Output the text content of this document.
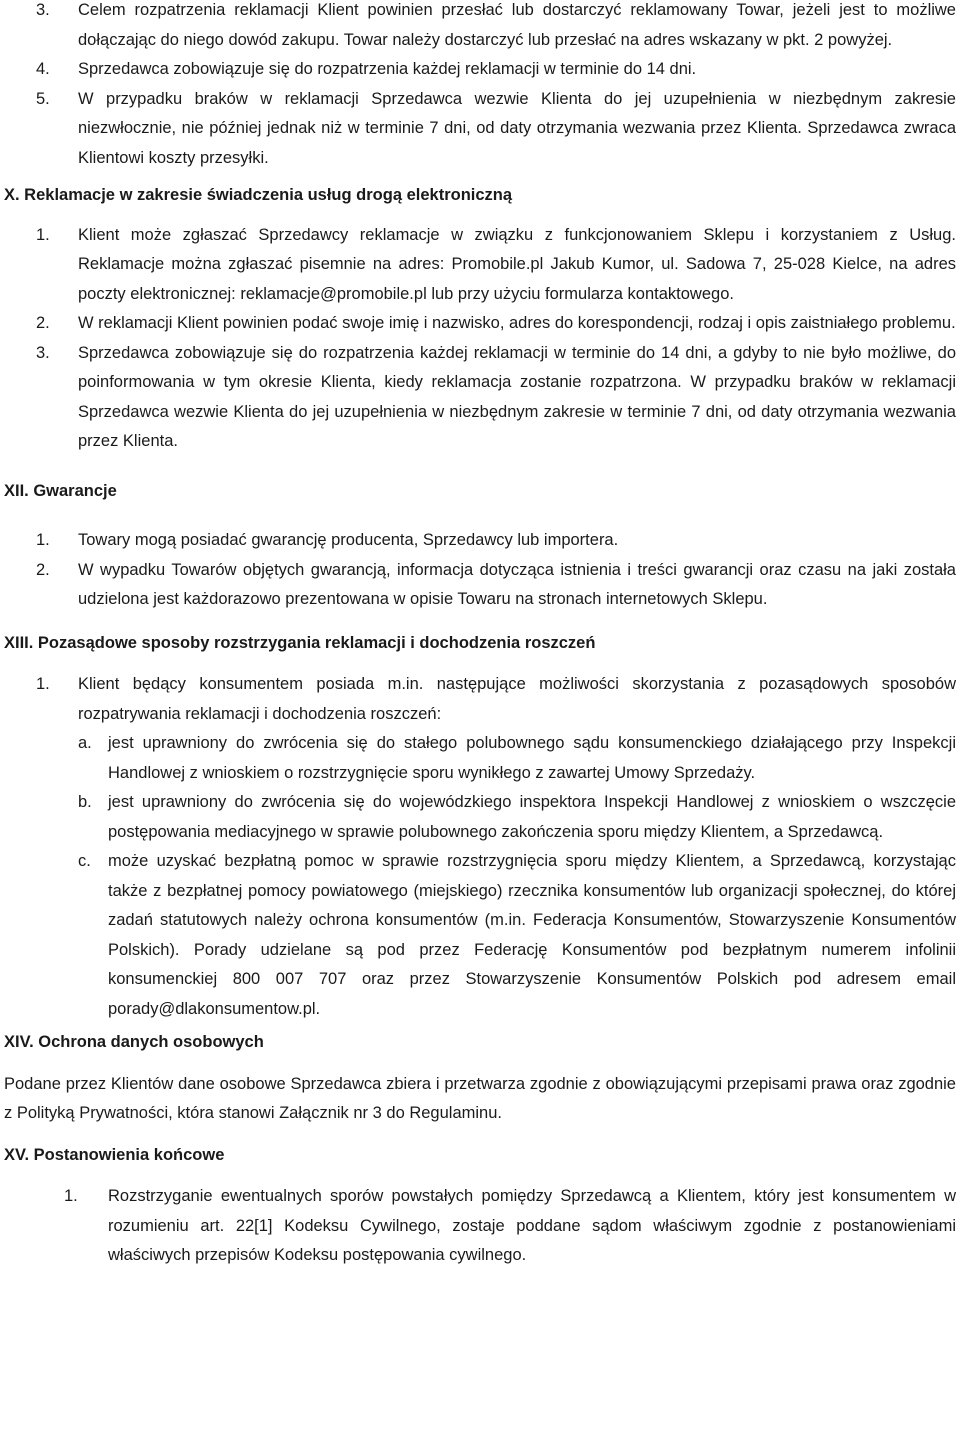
3. Celem rozpatrzenia reklamacji Klient powinien przesłać lub dostarczyć reklamowany Towar, jeżeli jest to możliwe dołączając do niego dowód zakupu. Towar należy dostarczyć lub przesłać na adres wskazany w pkt. 2 powyżej.
4. Sprzedawca zobowiązuje się do rozpatrzenia każdej reklamacji w terminie do 14 dni.
5. W przypadku braków w reklamacji Sprzedawca wezwie Klienta do jej uzupełnienia w niezbędnym zakresie niezwłocznie, nie później jednak niż w terminie 7 dni, od daty otrzymania wezwania przez Klienta. Sprzedawca zwraca Klientowi koszty przesyłki.
X. Reklamacje w zakresie świadczenia usług drogą elektroniczną
1. Klient może zgłaszać Sprzedawcy reklamacje w związku z funkcjonowaniem Sklepu i korzystaniem z Usług. Reklamacje można zgłaszać pisemnie na adres: Promobile.pl Jakub Kumor, ul. Sadowa 7, 25-028 Kielce, na adres poczty elektronicznej: reklamacje@promobile.pl lub przy użyciu formularza kontaktowego.
2. W reklamacji Klient powinien podać swoje imię i nazwisko, adres do korespondencji, rodzaj i opis zaistniałego problemu.
3. Sprzedawca zobowiązuje się do rozpatrzenia każdej reklamacji w terminie do 14 dni, a gdyby to nie było możliwe, do poinformowania w tym okresie Klienta, kiedy reklamacja zostanie rozpatrzona. W przypadku braków w reklamacji Sprzedawca wezwie Klienta do jej uzupełnienia w niezbędnym zakresie w terminie 7 dni, od daty otrzymania wezwania przez Klienta.
XII. Gwarancje
1. Towary mogą posiadać gwarancję producenta, Sprzedawcy lub importera.
2. W wypadku Towarów objętych gwarancją, informacja dotycząca istnienia i treści gwarancji oraz czasu na jaki została udzielona jest każdorazowo prezentowana w opisie Towaru na stronach internetowych Sklepu.
XIII. Pozasądowe sposoby rozstrzygania reklamacji i dochodzenia roszczeń
1. Klient będący konsumentem posiada m.in. następujące możliwości skorzystania z pozasądowych sposobów rozpatrywania reklamacji i dochodzenia roszczeń:
a. jest uprawniony do zwrócenia się do stałego polubownego sądu konsumenckiego działającego przy Inspekcji Handlowej z wnioskiem o rozstrzygnięcie sporu wynikłego z zawartej Umowy Sprzedaży.
b. jest uprawniony do zwrócenia się do wojewódzkiego inspektora Inspekcji Handlowej z wnioskiem o wszczęcie postępowania mediacyjnego w sprawie polubownego zakończenia sporu między Klientem, a Sprzedawcą.
c. może uzyskać bezpłatną pomoc w sprawie rozstrzygnięcia sporu między Klientem, a Sprzedawcą, korzystając także z bezpłatnej pomocy powiatowego (miejskiego) rzecznika konsumentów lub organizacji społecznej, do której zadań statutowych należy ochrona konsumentów (m.in. Federacja Konsumentów, Stowarzyszenie Konsumentów Polskich). Porady udzielane są pod przez Federację Konsumentów pod bezpłatnym numerem infolinii konsumenckiej 800 007 707 oraz przez Stowarzyszenie Konsumentów Polskich pod adresem email porady@dlakonsumentow.pl.
XIV. Ochrona danych osobowych
Podane przez Klientów dane osobowe Sprzedawca zbiera i przetwarza zgodnie z obowiązującymi przepisami prawa oraz zgodnie z Polityką Prywatności, która stanowi Załącznik nr 3 do Regulaminu.
XV. Postanowienia końcowe
1. Rozstrzyganie ewentualnych sporów powstałych pomiędzy Sprzedawcą a Klientem, który jest konsumentem w rozumieniu art. 22[1] Kodeksu Cywilnego, zostaje poddane sądom właściwym zgodnie z postanowieniami właściwych przepisów Kodeksu postępowania cywilnego.
